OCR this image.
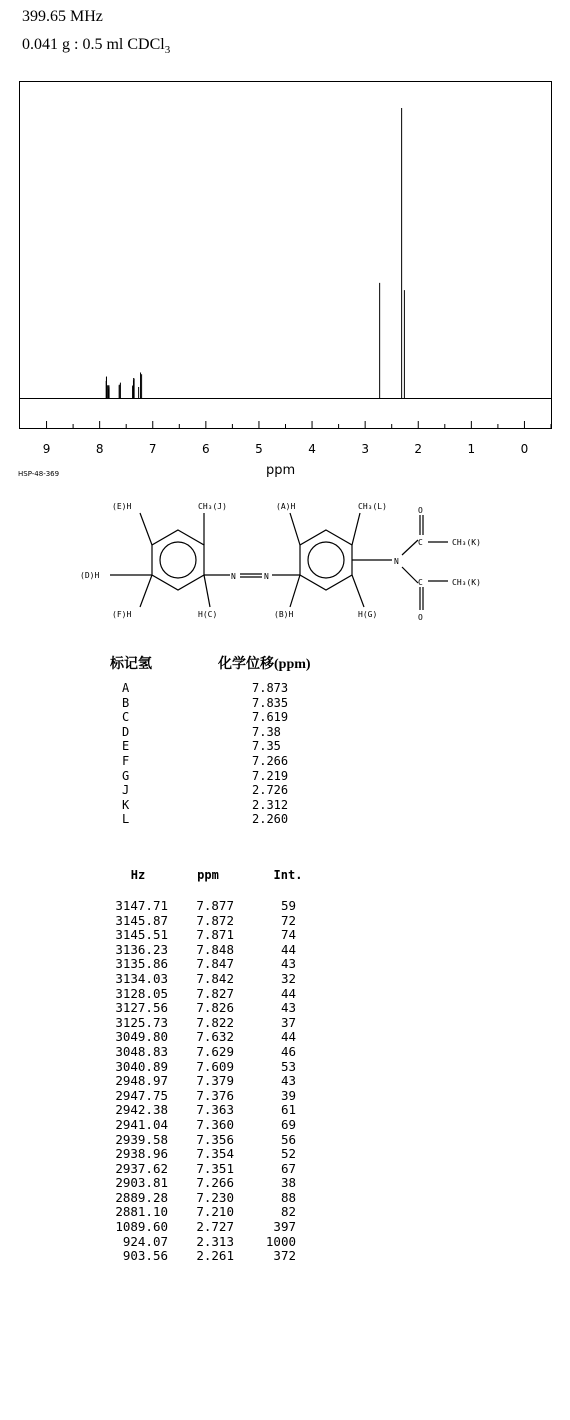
399.65 MHz
0.041 g : 0.5 ml CDCl$_3$
9	8	7	6	5	4	3	2	1	0
HSP-48-369	ppm
(E)H	CH₃(J)	(A)H	CH₃(L)	O
C	CH₃(K)
(D)H	N	N
N
C	CH₃(K)
O
(F)H	H(C)	(B)H	H(G)
标记氢	化学位移(ppm)
A	7.873
B	7.835
C	7.619
D	7.38
E	7.35
F	7.266
G	7.219
J	2.726
K	2.312
L	2.260
Hz	ppm	Int.
3147.71	7.877	59
3145.87	7.872	72
3145.51	7.871	74
3136.23	7.848	44
3135.86	7.847	43
3134.03	7.842	32
3128.05	7.827	44
3127.56	7.826	43
3125.73	7.822	37
3049.80	7.632	44
3048.83	7.629	46
3040.89	7.609	53
2948.97	7.379	43
2947.75	7.376	39
2942.38	7.363	61
2941.04	7.360	69
2939.58	7.356	56
2938.96	7.354	52
2937.62	7.351	67
2903.81	7.266	38
2889.28	7.230	88
2881.10	7.210	82
1089.60	2.727	397
924.07	2.313	1000
903.56	2.261	372
